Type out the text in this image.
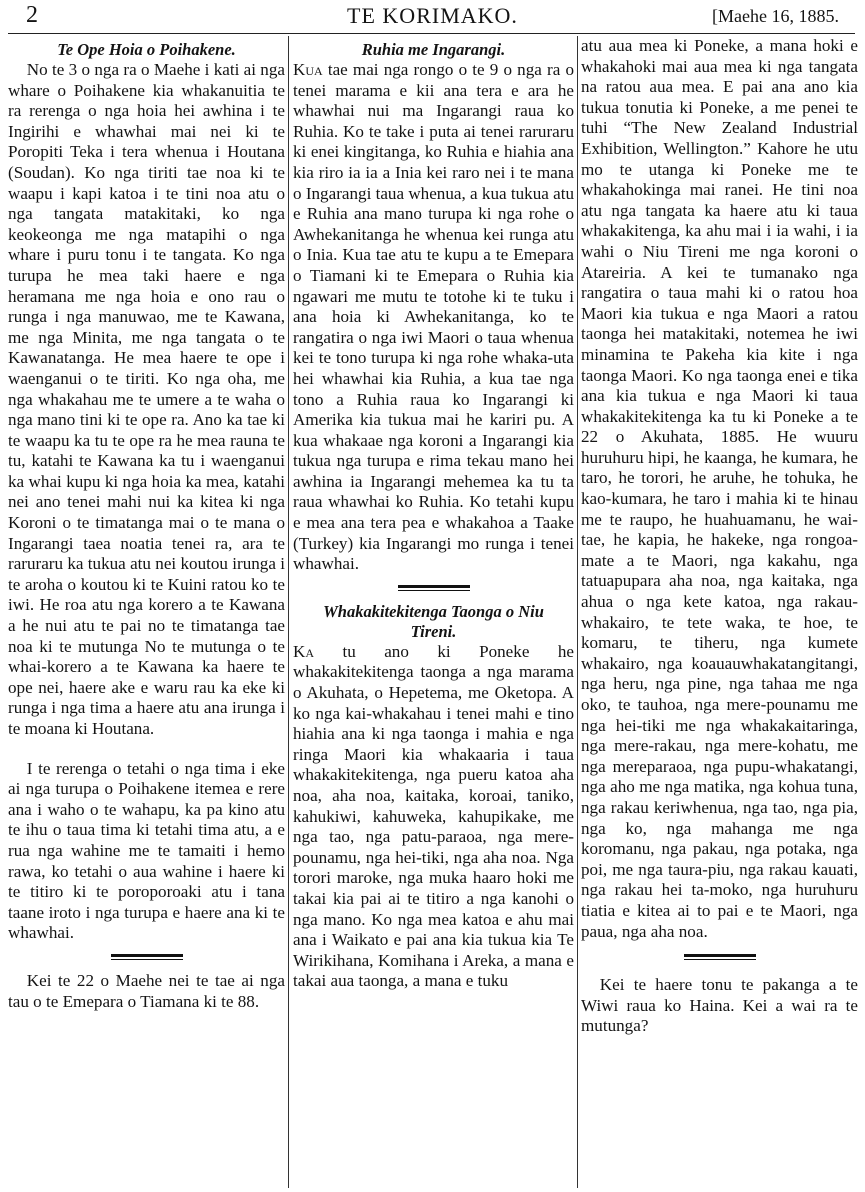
2	TE KORIMAKO.	[Maehe 16, 1885.

Te Ope Hoia o Poihakene.

No te 3 o nga ra o Maehe i kati ai nga whare o Poihakene kia whakanuitia te ra rerenga o nga hoia hei awhina i te Ingirihi e whawhai mai nei ki te Poropiti Teka i tera whenua i Houtana (Soudan). Ko nga tiriti tae noa ki te waapu i kapi katoa i te tini noa atu o nga tangata matakitaki, ko nga keokeonga me nga matapihi o nga whare i puru tonu i te tangata. Ko nga turupa he mea taki haere e nga heramana me nga hoia e ono rau o runga i nga manuwao, me te Kawana, me nga Minita, me nga tangata o te Kawanatanga. He mea haere te ope i waenganui o te tiriti. Ko nga oha, me nga whakahau me te umere a te waha o nga mano tini ki te ope ra. Ano ka tae ki te waapu ka tu te ope ra he mea rauna te tu, katahi te Kawana ka tu i waenganui ka whai kupu ki nga hoia ka mea, katahi nei ano tenei mahi nui ka kitea ki nga Koroni o te timatanga mai o te mana o Ingarangi taea noatia tenei ra, ara te raruraru ka tukua atu nei koutou irunga i te aroha o koutou ki te Kuini ratou ko te iwi. He roa atu nga korero a te Kawana a he nui atu te pai no te timatanga tae noa ki te mutunga No te mutunga o te whai-korero a te Kawana ka haere te ope nei, haere ake e waru rau ka eke ki runga i nga tima a haere atu ana irunga i te moana ki Houtana.

I te rerenga o tetahi o nga tima i eke ai nga turupa o Poihakene itemea e rere ana i waho o te wahapu, ka pa kino atu te ihu o taua tima ki tetahi tima atu, a e rua nga wahine me te tamaiti i hemo rawa, ko tetahi o aua wahine i haere ki te titiro ki te poroporoaki atu i tana taane iroto i nga turupa e haere ana ki te whawhai.

Kei te 22 o Maehe nei te tae ai nga tau o te Emepara o Tiamana ki te 88.

Ruhia me Ingarangi.

Kua tae mai nga rongo o te 9 o nga ra o tenei marama e kii ana tera e ara he whawhai nui ma Ingarangi raua ko Ruhia. Ko te take i puta ai tenei raruraru ki enei kingitanga, ko Ruhia e hiahia ana kia riro ia ia a Inia kei raro nei i te mana o Ingarangi taua whenua, a kua tukua atu e Ruhia ana mano turupa ki nga rohe o Awhekanitanga he whenua kei runga atu o Inia. Kua tae atu te kupu a te Emepara o Tiamani ki te Emepara o Ruhia kia ngawari me mutu te totohe ki te tuku i ana hoia ki Awhekanitanga, ko te rangatira o nga iwi Maori o taua whenua kei te tono turupa ki nga rohe whaka-uta hei whawhai kia Ruhia, a kua tae nga tono a Ruhia raua ko Ingarangi ki Amerika kia tukua mai he kariri pu. A kua whakaae nga koroni a Ingarangi kia tukua nga turupa e rima tekau mano hei awhina ia Ingarangi mehemea ka tu ta raua whawhai ko Ruhia. Ko tetahi kupu e mea ana tera pea e whakahoa a Taake (Turkey) kia Ingarangi mo runga i tenei whawhai.

Whakakitekitenga Taonga o Niu Tireni.

Ka tu ano ki Poneke he whakakitekitenga taonga a nga marama o Akuhata, o Hepetema, me Oketopa. A ko nga kai-whakahau i tenei mahi e tino hiahia ana ki nga taonga i mahia e nga ringa Maori kia whakaaria i taua whakakitekitenga, nga pueru katoa aha noa, aha noa, kaitaka, koroai, taniko, kahukiwi, kahuweka, kahupikake, me nga tao, nga patu-paraoa, nga mere-pounamu, nga hei-tiki, nga aha noa. Nga torori maroke, nga muka haaro hoki me takai kia pai ai te titiro a nga kanohi o nga mano. Ko nga mea katoa e ahu mai ana i Waikato e pai ana kia tukua kia Te Wirikihana, Komihana i Areka, a mana e takai aua taonga, a mana e tuku

atu aua mea ki Poneke, a mana hoki e whakahoki mai aua mea ki nga tangata na ratou aua mea. E pai ana ano kia tukua tonutia ki Poneke, a me penei te tuhi “The New Zealand Industrial Exhibition, Wellington.” Kahore he utu mo te utanga ki Poneke me te whakahokinga mai ranei. He tini noa atu nga tangata ka haere atu ki taua whakakitenga, ka ahu mai i ia wahi, i ia wahi o Niu Tireni me nga koroni o Atareiria. A kei te tumanako nga rangatira o taua mahi ki o ratou hoa Maori kia tukua e nga Maori a ratou taonga hei matakitaki, notemea he iwi minamina te Pakeha kia kite i nga taonga Maori. Ko nga taonga enei e tika ana kia tukua e nga Maori ki taua whakakitekitenga ka tu ki Poneke a te 22 o Akuhata, 1885. He wuuru huruhuru hipi, he kaanga, he kumara, he taro, he torori, he aruhe, he tohuka, he kao-kumara, he taro i mahia ki te hinau me te raupo, he huahuamanu, he wai-tae, he kapia, he hakeke, nga rongoa-mate a te Maori, nga kakahu, nga tatuapupara aha noa, nga kaitaka, nga ahua o nga kete katoa, nga rakau-whakairo, te tete waka, te hoe, te komaru, te tiheru, nga kumete whakairo, nga koauauwhakatangitangi, nga heru, nga pine, nga tahaa me nga oko, te tauhoa, nga mere-pounamu me nga hei-tiki me nga whakakaitaringa, nga mere-rakau, nga mere-kohatu, me nga mereparaoa, nga pupu-whakatangi, nga aho me nga matika, nga kohua tuna, nga rakau keriwhenua, nga tao, nga pia, nga ko, nga mahanga me nga koromanu, nga pakau, nga potaka, nga poi, me nga taura-piu, nga rakau kauati, nga rakau hei ta-moko, nga huruhuru tiatia e kitea ai to pai e te Maori, nga paua, nga aha noa.

Kei te haere tonu te pakanga a te Wiwi raua ko Haina. Kei a wai ra te mutunga?
